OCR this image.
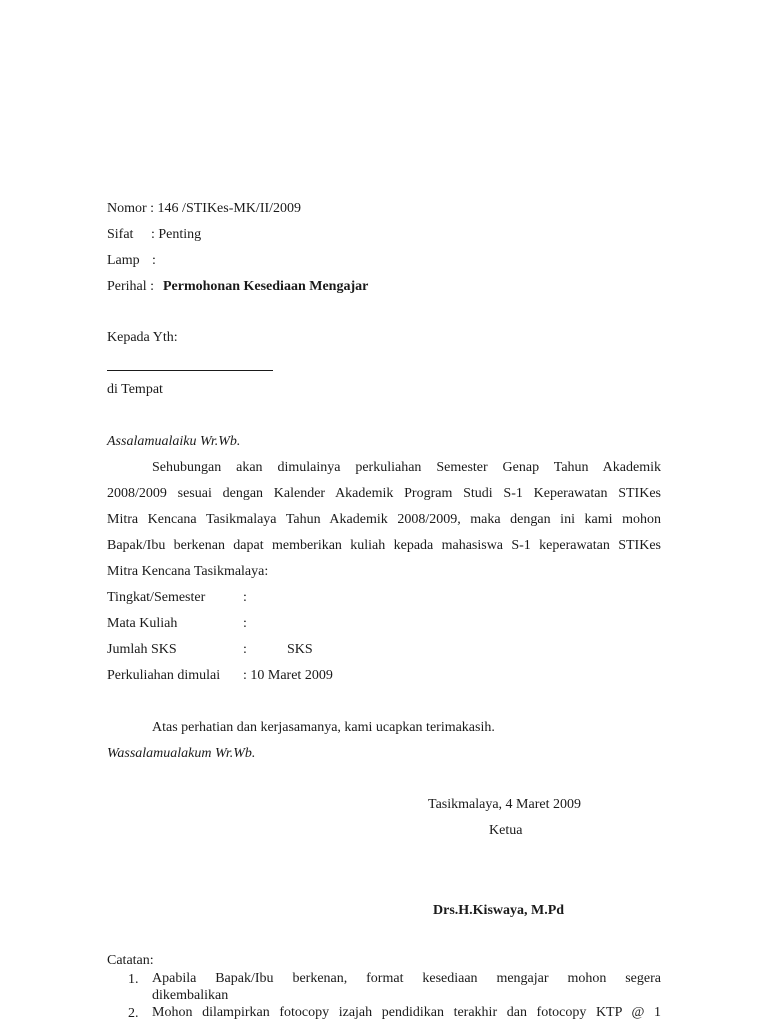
Nomor : 146 /STIKes-MK/II/2009
Sifat : Penting
Lamp :
Perihal : Permohonan Kesediaan Mengajar
Kepada Yth:
di Tempat
Assalamualaiku Wr.Wb.
Sehubungan akan dimulainya perkuliahan Semester Genap Tahun Akademik
2008/2009 sesuai dengan Kalender Akademik Program Studi S-1 Keperawatan STIKes
Mitra Kencana Tasikmalaya Tahun Akademik 2008/2009, maka dengan ini kami mohon
Bapak/Ibu berkenan dapat memberikan kuliah kepada mahasiswa S-1 keperawatan STIKes
Mitra Kencana Tasikmalaya:
Tingkat/Semester	:
Mata Kuliah	:
Jumlah SKS	:	SKS
Perkuliahan dimulai : 10 Maret 2009
Atas perhatian dan kerjasamanya, kami ucapkan terimakasih.
Wassalamualakum Wr.Wb.
Tasikmalaya, 4 Maret 2009
Ketua
Drs.H.Kiswaya, M.Pd
Catatan:
1. Apabila Bapak/Ibu berkenan, format kesediaan mengajar mohon segera
dikembalikan
2. Mohon dilampirkan fotocopy izajah pendidikan terakhir dan fotocopy KTP @ 1
